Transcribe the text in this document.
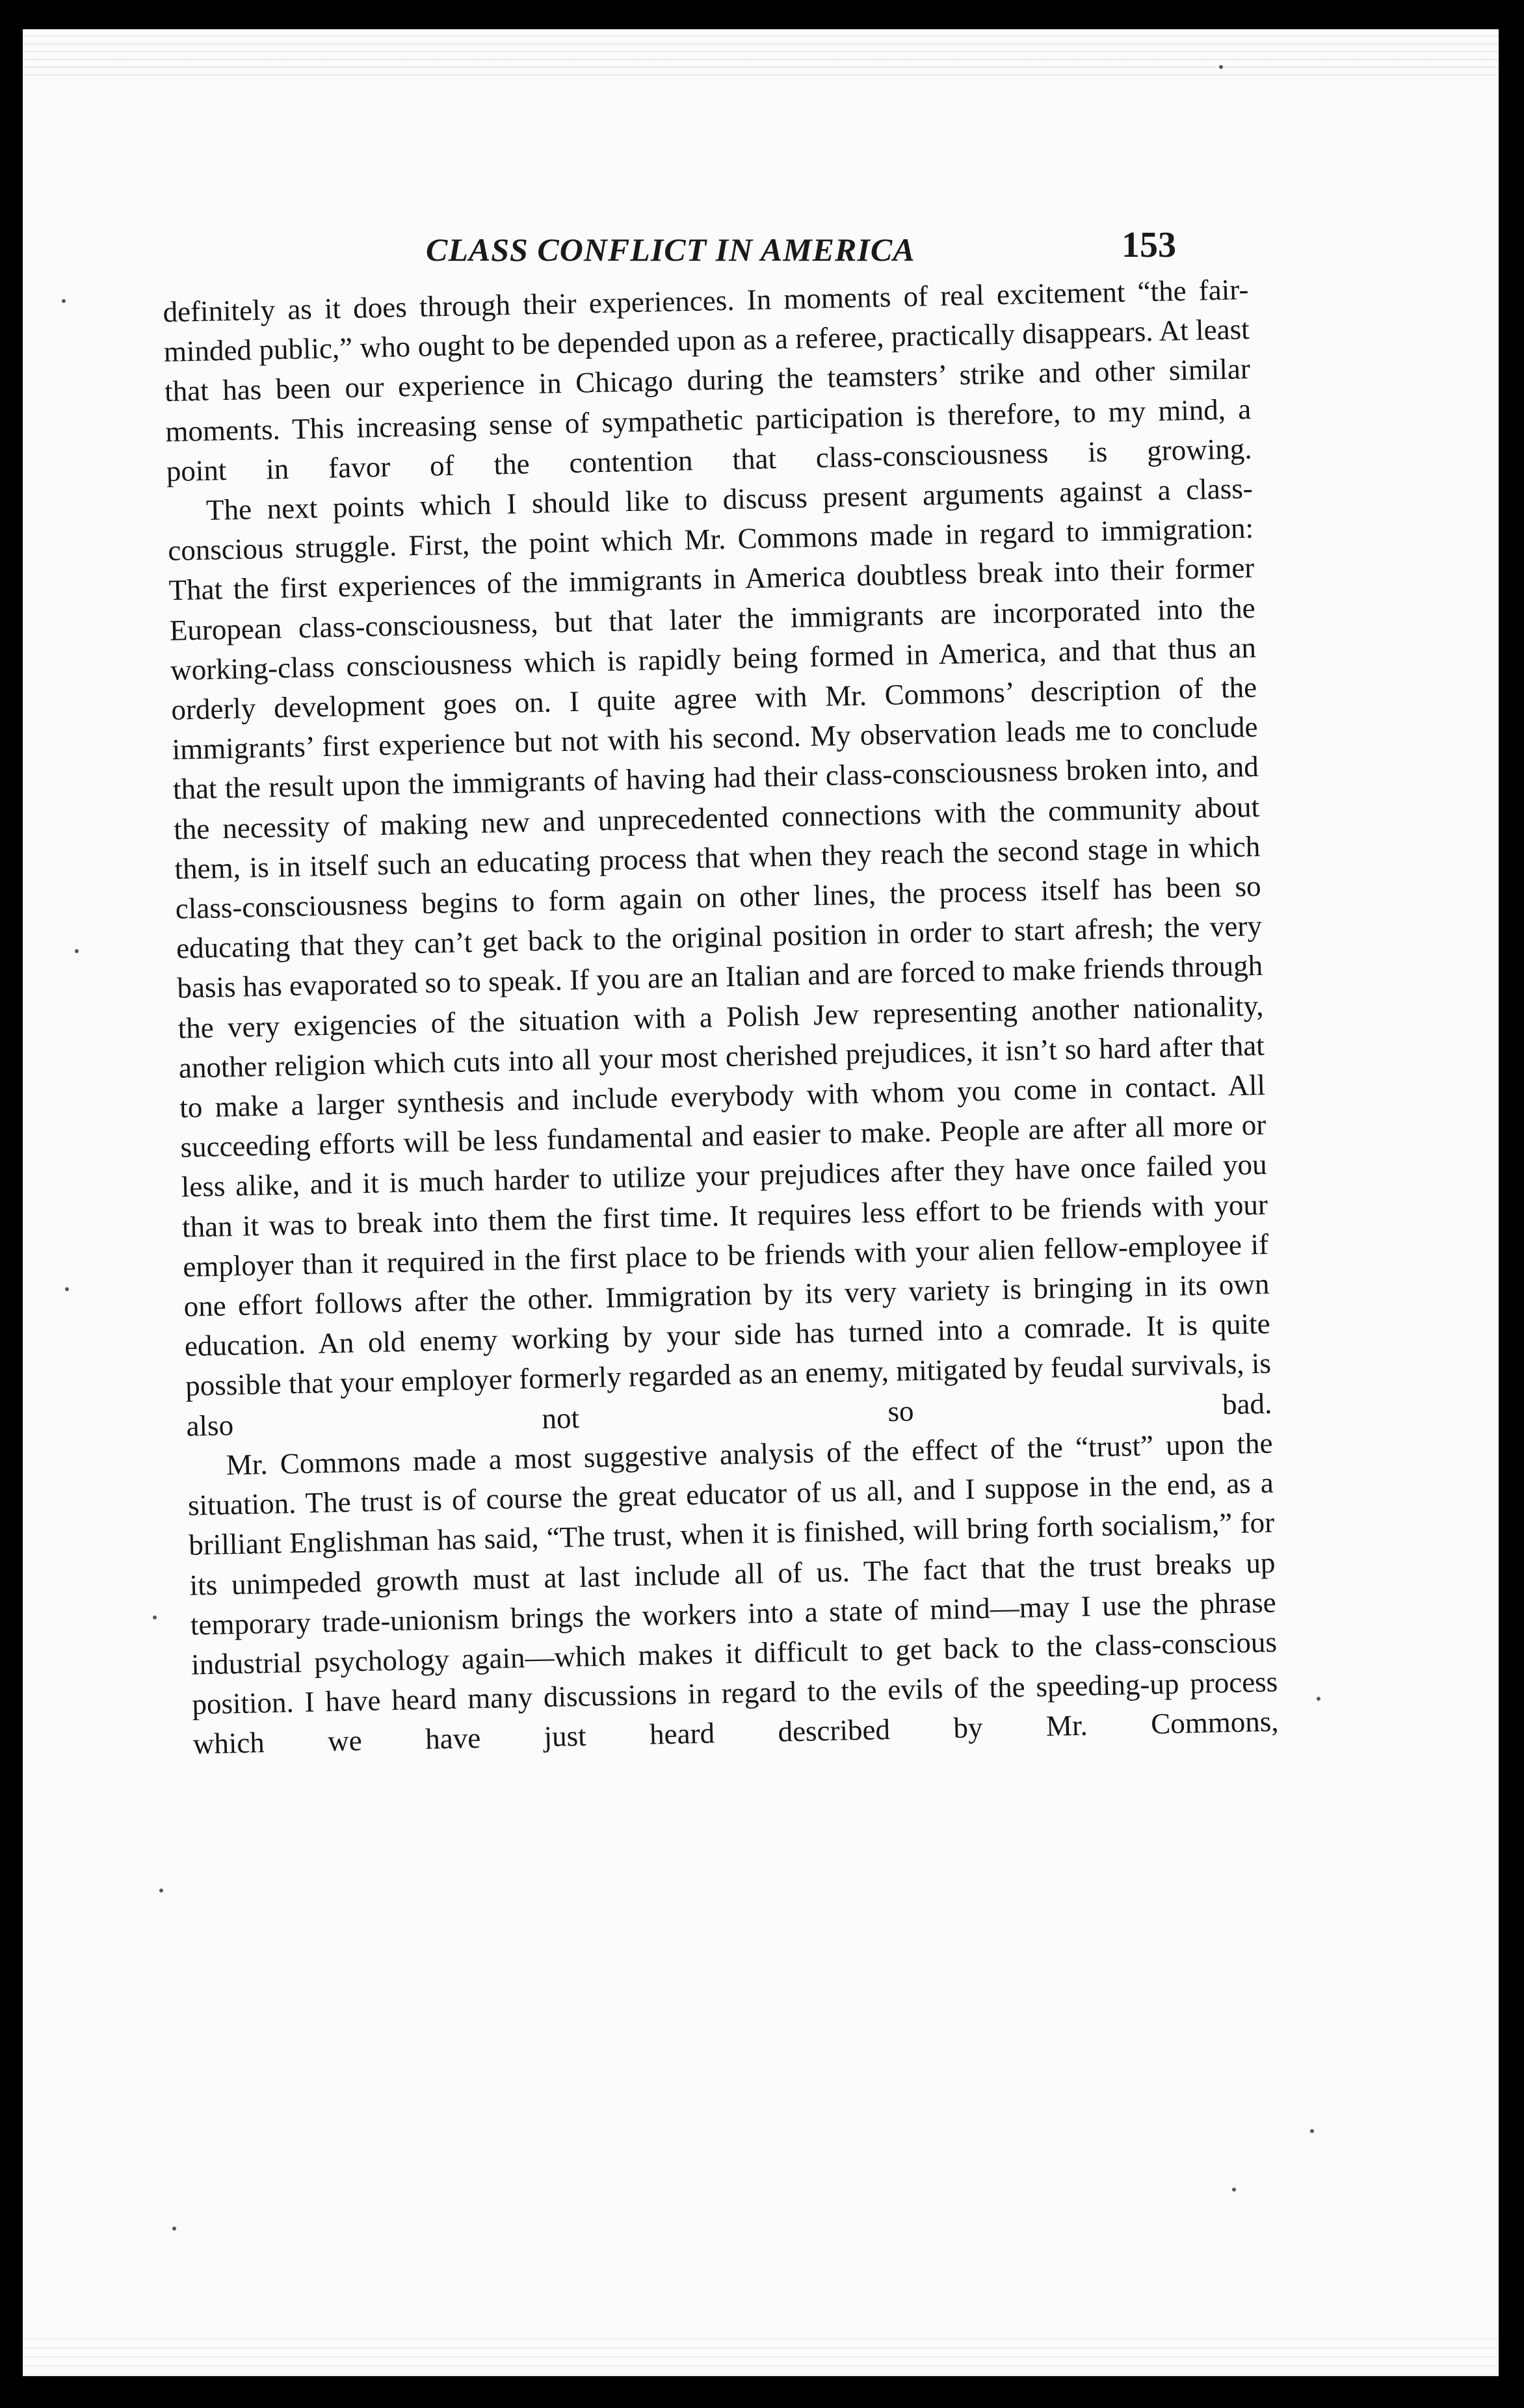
CLASS CONFLICT IN AMERICA	153

definitely as it does through their experiences. In moments of real excitement “the fair-minded public,” who ought to be depended upon as a referee, practically disappears. At least that has been our experience in Chicago during the teamsters’ strike and other similar moments. This increasing sense of sympathetic participation is therefore, to my mind, a point in favor of the contention that class-consciousness is growing.

The next points which I should like to discuss present arguments against a class-conscious struggle. First, the point which Mr. Commons made in regard to immigration: That the first experiences of the immigrants in America doubtless break into their former European class-consciousness, but that later the immigrants are incorporated into the working-class consciousness which is rapidly being formed in America, and that thus an orderly development goes on. I quite agree with Mr. Commons’ description of the immigrants’ first experience but not with his second. My observation leads me to conclude that the result upon the immigrants of having had their class-consciousness broken into, and the necessity of making new and unprecedented connections with the community about them, is in itself such an educating process that when they reach the second stage in which class-consciousness begins to form again on other lines, the process itself has been so educating that they can’t get back to the original position in order to start afresh; the very basis has evaporated so to speak. If you are an Italian and are forced to make friends through the very exigencies of the situation with a Polish Jew representing another nationality, another religion which cuts into all your most cherished prejudices, it isn’t so hard after that to make a larger synthesis and include everybody with whom you come in contact. All succeeding efforts will be less fundamental and easier to make. People are after all more or less alike, and it is much harder to utilize your prejudices after they have once failed you than it was to break into them the first time. It requires less effort to be friends with your employer than it required in the first place to be friends with your alien fellow-employee if one effort follows after the other. Immigration by its very variety is bringing in its own education. An old enemy working by your side has turned into a comrade. It is quite possible that your employer formerly regarded as an enemy, mitigated by feudal survivals, is also not so bad.

Mr. Commons made a most suggestive analysis of the effect of the “trust” upon the situation. The trust is of course the great educator of us all, and I suppose in the end, as a brilliant Englishman has said, “The trust, when it is finished, will bring forth socialism,” for its unimpeded growth must at last include all of us. The fact that the trust breaks up temporary trade-unionism brings the workers into a state of mind—may I use the phrase industrial psychology again—which makes it difficult to get back to the class-conscious position. I have heard many discussions in regard to the evils of the speeding-up process which we have just heard described by Mr. Commons,
